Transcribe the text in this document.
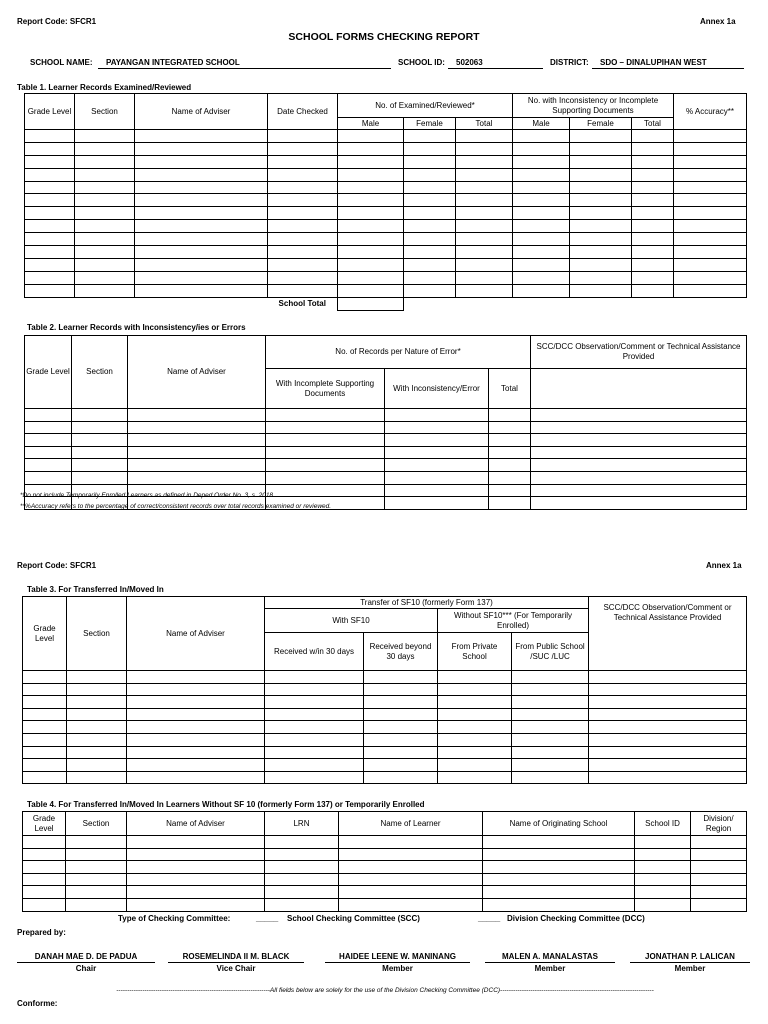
Report Code: SFCR1	Annex 1a
SCHOOL FORMS CHECKING REPORT
SCHOOL NAME:	PAYANGAN INTEGRATED SCHOOL	SCHOOL ID:	502063	DISTRICT:	SDO – DINALUPIHAN WEST
Table 1. Learner Records Examined/Reviewed
Grade Level	Section	Name of Adviser	Date Checked	No. of Examined/Reviewed*			No. with Inconsistency or Incomplete Supporting Documents			% Accuracy**
				Male	Female	Total	Male	Female	Total	

			School Total							
Table 2. Learner Records with Inconsistency/ies or Errors
Grade Level	Section	Name of Adviser	No. of Records per Nature of Error*			SCC/DCC Observation/Comment or Technical Assistance Provided
			With Incomplete Supporting Documents	With Inconsistency/Error	Total	

*Do not include Temporarily Enrolled Learners as defined in Deped Order No. 3, s. 2018.
**%Accuracy refers to the percentage of correct/consistent records over total records examined or reviewed.
Report Code: SFCR1	Annex 1a
Table 3. For Transferred In/Moved In
Grade Level	Section	Name of Adviser	Transfer of SF10 (formerly Form 137)				SCC/DCC Observation/Comment or Technical Assistance Provided
			With SF10		Without SF10*** (For Temporarily Enrolled)		
			Received w/in 30 days	Received beyond 30 days	From Private School	From Public School /SUC /LUC	

Table 4. For Transferred In/Moved In Learners Without SF 10 (formerly Form 137) or Temporarily Enrolled
Grade Level	Section	Name of Adviser	LRN	Name of Learner	Name of Originating School	School ID	Division/ Region

Type of Checking Committee:	_____ School Checking Committee (SCC)	_____ Division Checking Committee (DCC)
Prepared by:
DANAH MAE D. DE PADUA
Chair
ROSEMELINDA II M. BLACK
Vice Chair
HAIDEE LEENE W. MANINANG
Member
MALEN A. MANALASTAS
Member
JONATHAN P. LALICAN
Member
-----------------------------------------------------------------------All fields below are solely for the use of the Division Checking Committee (DCC)-----------------------------------------------------------------------
Conforme:
